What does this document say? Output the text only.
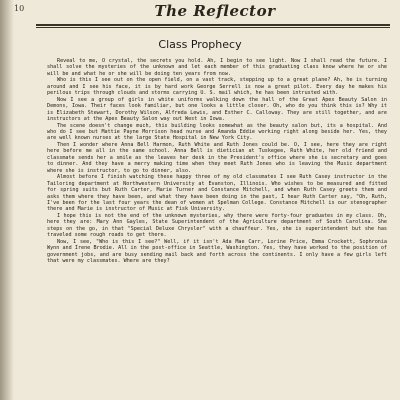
10	The Reflector
Class Prophecy

Reveal to me, O crystal, the secrets you hold. Ah, I begin to see light. Now I shall read the future. I shall solve the mysteries of the unknown and let each member of this graduating class know where he or she will be and what he or she will be doing ten years from now.

Who is this I see out on the open field, on a vast track, stepping up to a great plane? Ah, he is turning around and I see his face, it is by hard work George Serrell is now a great pilot. Every day he makes his perilous trips through clouds and storms carrying U. S. mail which, he has been intrusted with.

Now I see a group of girls in white uniforms walking down the hall of the Great Apex Beauty Salon in Demons, Iowa. Their faces look familiar, but one looks a little closer. Oh, who do you think this is? Why it is Elizabeth Stewart, Dorothy Wilson, Alfreda Lewis, and Esther C. Calloway. They are still together, and are instructors at the Apex Beauty Salon way out West in Iowa.

The scene doesn't change much, this building looks somewhat as the beauty salon but, its a hospital. And who do I see but Mattie Payne Morrison head nurse and Amanda Eddie working right along beside her. Yes, they are well known nurses at the large State Hospital in New York City.

Then I wonder where Anna Bell Harmon, Ruth White and Ruth Jones could be. O, I see, here they are right here before me all in the same school. Anna Bell is dietician at Tuskegee, Ruth White, her old friend and classmate sends her a smile as the leaves her desk in the President's office where she is secretary and goes to dinner. And they have a merry making time when they meet Ruth Jones who is leaving the Music department where she is instructor, to go to dinner, also.

Almost before I finish watching these happy three of my old classmates I see Ruth Casey instructor in the Tailoring department at Northwestern University at Evanston, Illinois. Who wishes to be measured and fitted for spring suits but Ruth Carter, Marie Turner and Constance Mitchell, and when Ruth Casey greets them and asks them where they have been, and what they have been doing in the past, I hear Ruth Carter say, "Oh, Ruth, I've been for the last four years the dean of women at Spelman College. Constance Mitchell is our stenographer there and Marie is instructor of Music at Fisk University.

I hope this is not the end of the unknown mysteries, why there were forty-four graduates in my class. Oh, here they are: Mary Ann Gayles, State Superintendent of the Agriculture department of South Carolina. She steps on the go, in that "Special Deluxe Chrysler" with a chauffeur. Yes, she is superintendent but she has traveled some rough roads to get there.

Now, I see, "Who is this I see?" Well, if it isn't Ada Mae Carr, Lorine Price, Emma Crockett, Sophronia Wynn and Irene Brodie. All in the post-office in Seattle, Washington. Yes, they have worked to the position of government jobs, and are busy sending mail back and forth across the continents. I only have a few girls left that were my classmates. Where are they?
